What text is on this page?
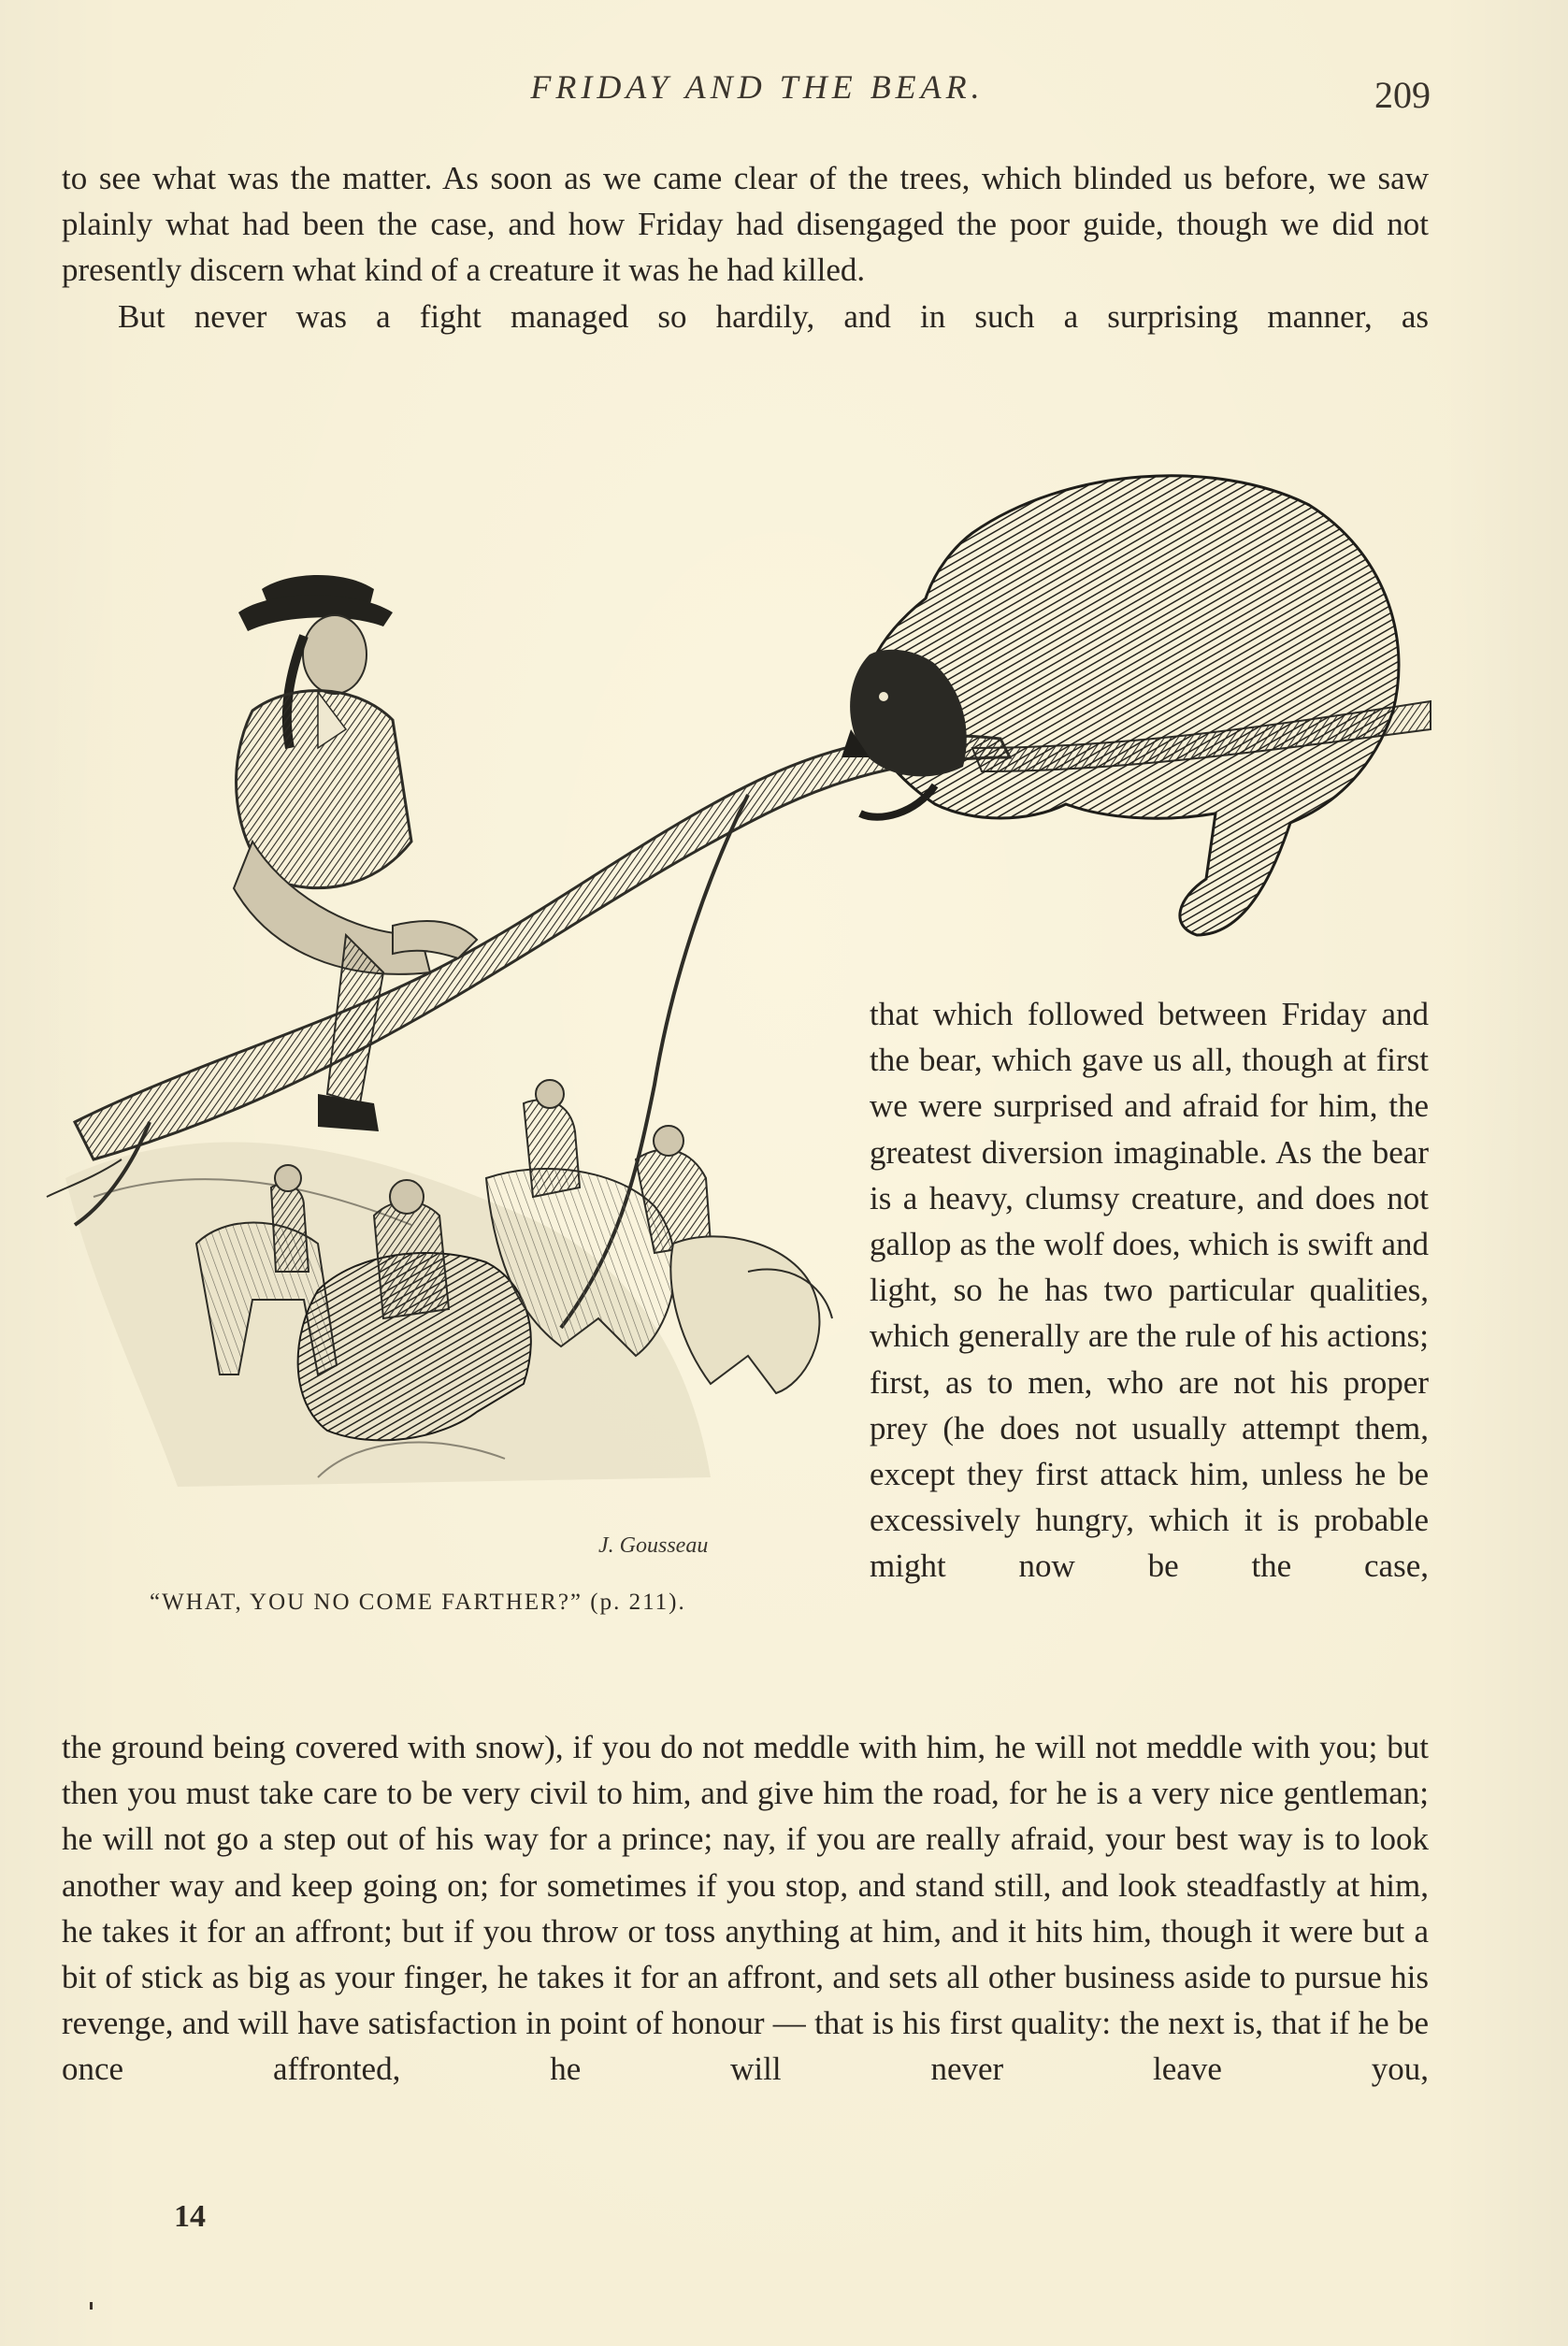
FRIDAY AND THE BEAR.	209

to see what was the matter. As soon as we came clear of the trees, which blinded us before, we saw plainly what had been the case, and how Friday had disengaged the poor guide, though we did not presently discern what kind of a creature it was he had killed.

But never was a fight managed so hardily, and in such a surprising manner, as

J. Gousseau
“WHAT, YOU NO COME FARTHER?” (p. 211).

that which followed between Friday and the bear, which gave us all, though at first we were surprised and afraid for him, the greatest diversion imaginable. As the bear is a heavy, clumsy creature, and does not gallop as the wolf does, which is swift and light, so he has two particular qualities, which generally are the rule of his actions; first, as to men, who are not his proper prey (he does not usually attempt them, except they first attack him, unless he be excessively hungry, which it is probable might now be the case,

the ground being covered with snow), if you do not meddle with him, he will not meddle with you; but then you must take care to be very civil to him, and give him the road, for he is a very nice gentleman; he will not go a step out of his way for a prince; nay, if you are really afraid, your best way is to look another way and keep going on; for sometimes if you stop, and stand still, and look steadfastly at him, he takes it for an affront; but if you throw or toss anything at him, and it hits him, though it were but a bit of stick as big as your finger, he takes it for an affront, and sets all other business aside to pursue his revenge, and will have satisfaction in point of honour — that is his first quality: the next is, that if he be once affronted, he will never leave you,

14
